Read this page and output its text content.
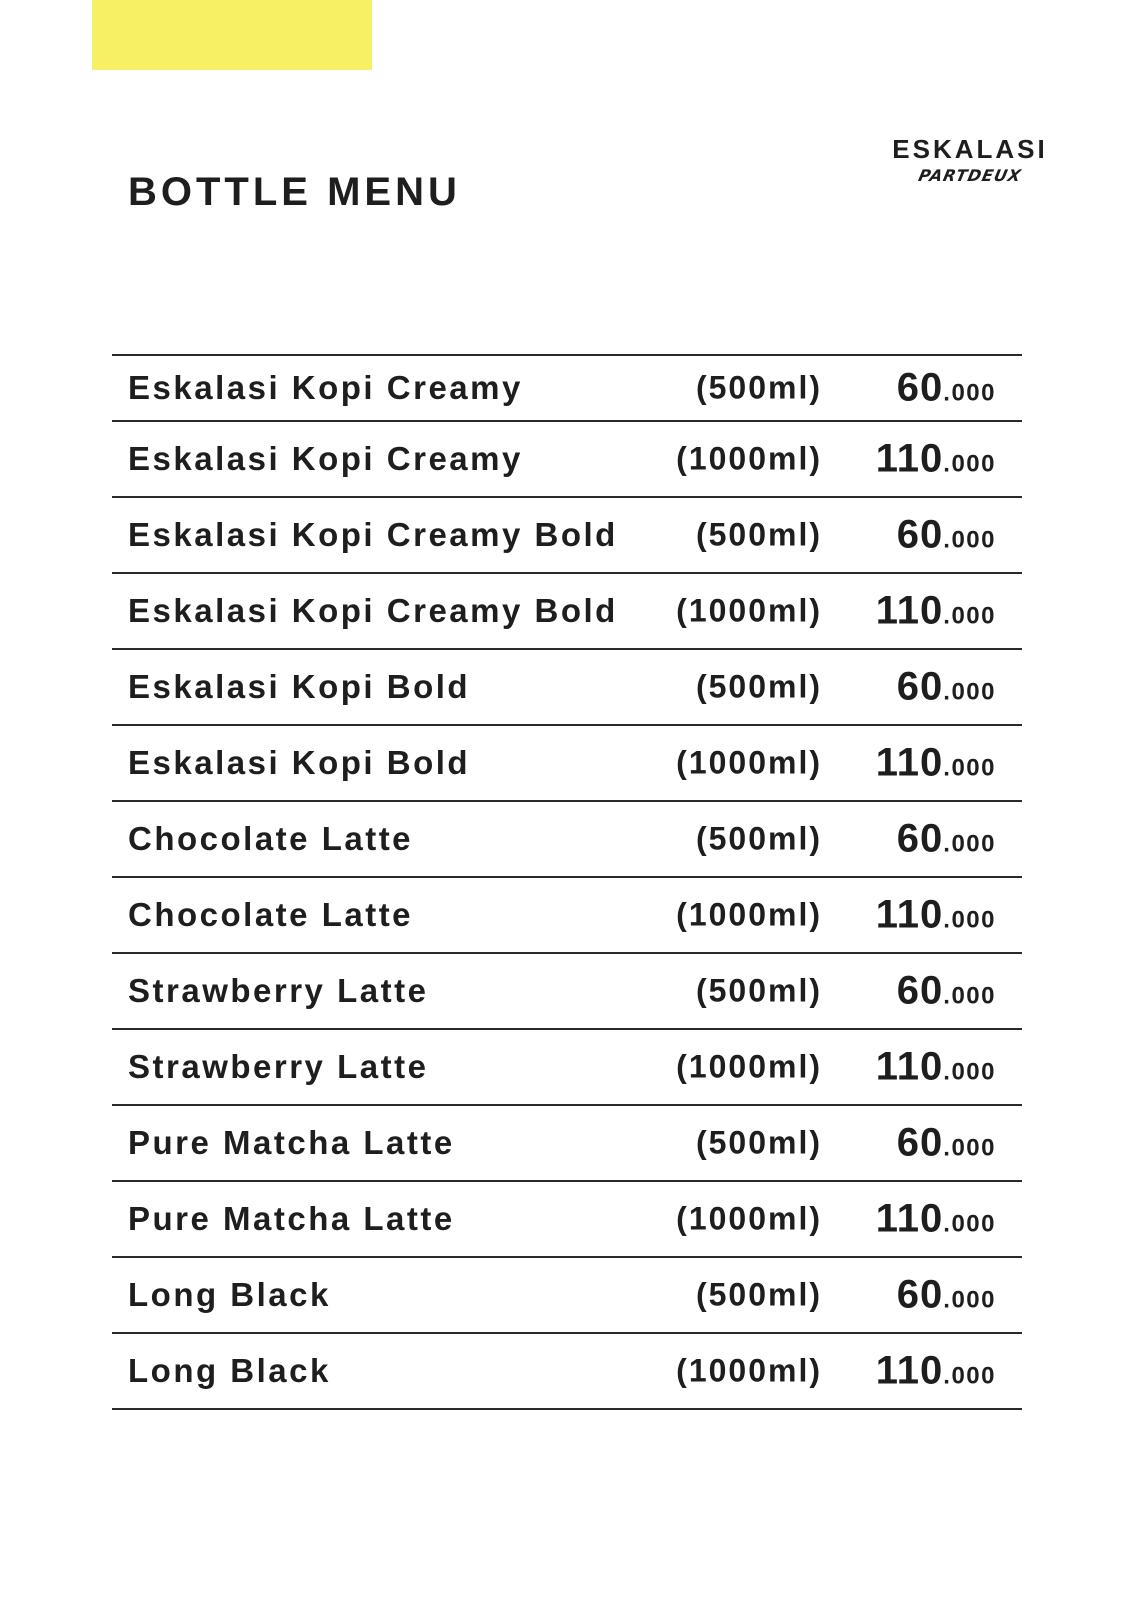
BOTTLE MENU
ESKALASI
PARTDEUX
Eskalasi Kopi Creamy	(500ml) 60.000
Eskalasi Kopi Creamy	(1000ml) 110.000
Eskalasi Kopi Creamy Bold (500ml) 60.000
Eskalasi Kopi Creamy Bold (1000ml) 110.000
Eskalasi Kopi Bold	(500ml) 60.000
Eskalasi Kopi Bold	(1000ml) 110.000
Chocolate Latte	(500ml) 60.000
Chocolate Latte	(1000ml) 110.000
Strawberry Latte	(500ml) 60.000
Strawberry Latte	(1000ml) 110.000
Pure Matcha Latte	(500ml) 60.000
Pure Matcha Latte	(1000ml) 110.000
Long Black	(500ml) 60.000
Long Black	(1000ml) 110.000
